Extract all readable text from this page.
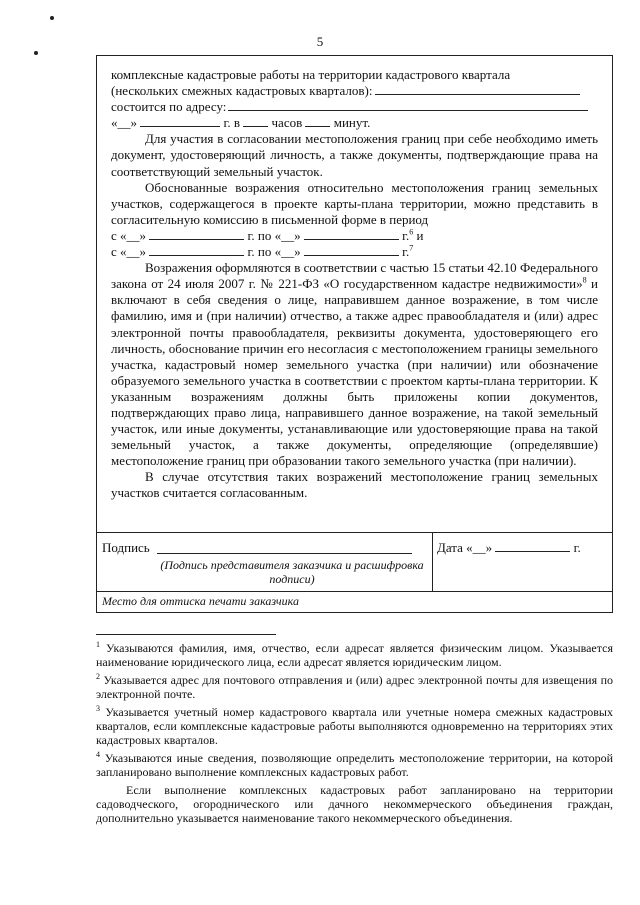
5

комплексные кадастровые работы на территории кадастрового квартала

(нескольких смежных кадастровых кварталов):

состоится по адресу:

«__»	г. в часов минут.

Для участия в согласовании местоположения границ при себе необходимо иметь документ, удостоверяющий личность, а также документы, подтверждающие права на соответствующий земельный участок.

Обоснованные возражения относительно местоположения границ земельных участков, содержащегося в проекте карты-плана территории, можно представить в согласительную комиссию в письменной форме в период

с «__»	г. по «__»	г.$^6$ и

с «__»	г. по «__»	г.$^7$

Возражения оформляются в соответствии с частью 15 статьи 42.10 Федерального закона от 24 июля 2007 г. № 221-ФЗ «О государственном кадастре недвижимости»$^8$ и включают в себя сведения о лице, направившем данное возражение, в том числе фамилию, имя и (при наличии) отчество, а также адрес правообладателя и (или) адрес электронной почты правообладателя, реквизиты документа, удостоверяющего его личность, обоснование причин его несогласия с местоположением границы земельного участка, кадастровый номер земельного участка (при наличии) или обозначение образуемого земельного участка в соответствии с проектом карты-плана территории. К указанным возражениям должны быть приложены копии документов, подтверждающих право лица, направившего данное возражение, на такой земельный участок, или иные документы, устанавливающие или удостоверяющие права на такой земельный участок, а также документы, определяющие (определявшие) местоположение границ при образовании такого земельного участка (при наличии).

В случае отсутствия таких возражений местоположение границ земельных участков считается согласованным.

Подпись
(Подпись представителя заказчика и расшифровка подписи)
Дата «__»	г.
Место для оттиска печати заказчика

$^1$ Указываются фамилия, имя, отчество, если адресат является физическим лицом. Указывается наименование юридического лица, если адресат является юридическим лицом.

$^2$ Указывается адрес для почтового отправления и (или) адрес электронной почты для извещения по электронной почте.

$^3$ Указывается учетный номер кадастрового квартала или учетные номера смежных кадастровых кварталов, если комплексные кадастровые работы выполняются одновременно на территориях этих кадастровых кварталов.

$^4$ Указываются иные сведения, позволяющие определить местоположение территории, на которой запланировано выполнение комплексных кадастровых работ.

Если выполнение комплексных кадастровых работ запланировано на территории садоводческого, огороднического или дачного некоммерческого объединения граждан, дополнительно указывается наименование такого некоммерческого объединения.
